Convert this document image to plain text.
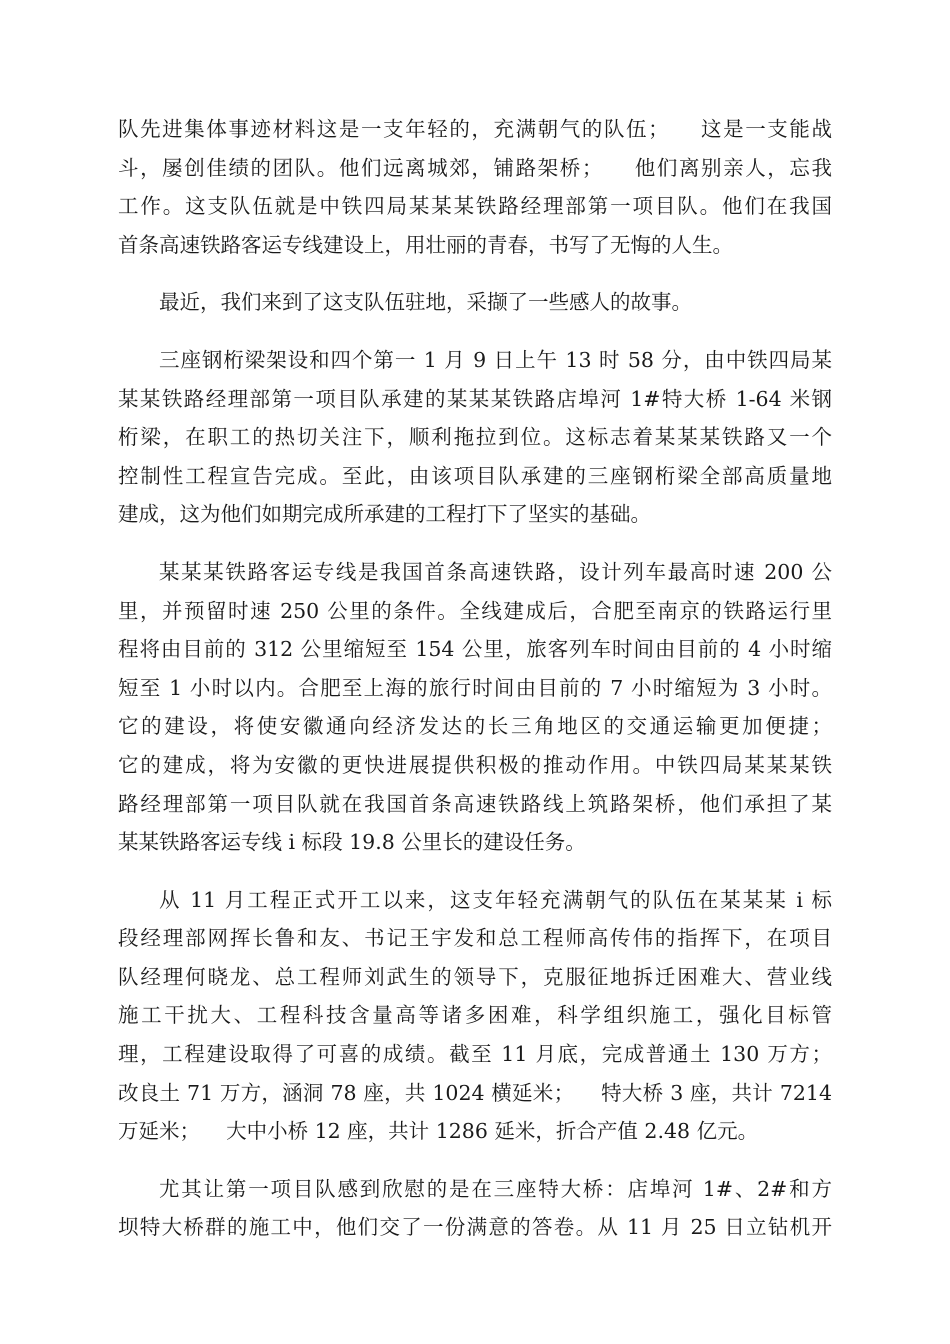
队先进集体事迹材料这是一支年轻的，充满朝气的队伍；    这是一支能战
斗，屡创佳绩的团队。他们远离城郊，铺路架桥；    他们离别亲人，忘我
工作。这支队伍就是中铁四局某某某铁路经理部第一项目队。他们在我国
首条高速铁路客运专线建设上，用壮丽的青春，书写了无悔的人生。
最近，我们来到了这支队伍驻地，采撷了一些感人的故事。
三座钢桁梁架设和四个第一 1 月 9 日上午 13 时 58 分，由中铁四局某
某某铁路经理部第一项目队承建的某某某铁路店埠河 1#特大桥 1-64 米钢
桁梁，在职工的热切关注下，顺利拖拉到位。这标志着某某某铁路又一个
控制性工程宣告完成。至此，由该项目队承建的三座钢桁梁全部高质量地
建成，这为他们如期完成所承建的工程打下了坚实的基础。
某某某铁路客运专线是我国首条高速铁路，设计列车最高时速 200 公
里，并预留时速 250 公里的条件。全线建成后，合肥至南京的铁路运行里
程将由目前的 312 公里缩短至 154 公里，旅客列车时间由目前的 4 小时缩
短至 1 小时以内。合肥至上海的旅行时间由目前的 7 小时缩短为 3 小时。
它的建设，将使安徽通向经济发达的长三角地区的交通运输更加便捷；
它的建成，将为安徽的更快进展提供积极的推动作用。中铁四局某某某铁
路经理部第一项目队就在我国首条高速铁路线上筑路架桥，他们承担了某
某某铁路客运专线 i 标段 19.8 公里长的建设任务。
从 11 月工程正式开工以来，这支年轻充满朝气的队伍在某某某 i 标
段经理部网挥长鲁和友、书记王宇发和总工程师高传伟的指挥下，在项目
队经理何晓龙、总工程师刘武生的领导下，克服征地拆迁困难大、营业线
施工干扰大、工程科技含量高等诸多困难，科学组织施工，强化目标管
理，工程建设取得了可喜的成绩。截至 11 月底，完成普通土 130 万方；
改良土 71 万方，涵洞 78 座，共 1024 横延米；    特大桥 3 座，共计 7214
万延米；    大中小桥 12 座，共计 1286 延米，折合产值 2.48 亿元。
尤其让第一项目队感到欣慰的是在三座特大桥：店埠河 1#、2#和方
坝特大桥群的施工中，他们交了一份满意的答卷。从 11 月 25 日立钻机开
